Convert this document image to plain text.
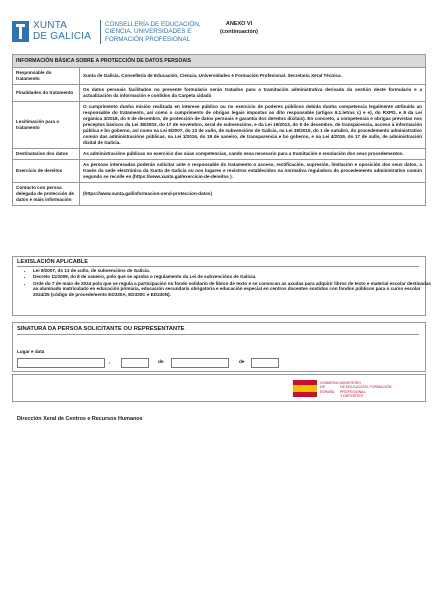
XUNTA
DE GALICIA
CONSELLERÍA DE EDUCACIÓN,
CIENCIA, UNIVERSIDADES E
FORMACIÓN PROFESIONAL
ANEXO VI
(continuación)
INFORMACIÓN BÁSICA SOBRE A PROTECCIÓN DE DATOS PERSOAIS	
Responsable do tratamento	Xunta de Galicia. Consellería de Educación, Ciencia, Universidades e Formación Profesional. Secretaría Xeral Técnica.
Finalidades do tratamento	Os datos persoais facilitados no presente formulario serán tratados para a tramitación administrativa derivada da xestión deste formulario e a actualización da información e contidos da Carpeta cidadá
Lexitimación para o tratamento	O cumprimento dunha misión realizada en interese público ou no exercicio de poderes públicos debida dunha competencia legalmente atribuída ao responsable do tratamento, así como o cumprimento de obrigas legais impostas ao dito responsable (artigos 6.1.letras c) e e), do RXPD, e 8 da Lei orgánica 3/2018, do 5 de decembro, de protección de datos persoais e garantía dos dereitos dixitais). En concreto, a competencia e obrigas previstas nos preceptos básicos da Lei 38/2003, do 17 de novembro, xeral de subvencións, e da Lei 19/2013, do 9 de decembro, de transparencia, acceso á información pública e bo goberno, así como na Lei 9/2007, do 13 de xuño, de subvencións de Galicia, na Lei 39/2015, do 1 de outubro, do procedemento administrativo común das administracións públicas, na Lei 1/2016, do 18 de xaneiro, de transparencia e bo goberno, e na Lei 4/2019, do 17 de xullo, de administración dixital de Galicia.
Destinatarios dos datos	As administracións públicas no exercicio das súas competencias, cando sexa necesario para a tramitación e resolución dos seus procedementos.
Exercicio de dereitos	As persoas interesadas poderán solicitar ante o responsable do tratamento o acceso, rectificación, supresión, limitación e oposición dos seus datos, a través da sede electrónica da Xunta de Galicia ou nos lugares e rexistros establecidos na normativa reguladora do procedemento administrativo común segundo se recolle en (https://www.xunta.gal/exercicio-de-dereitos ).
Contacto con persoa delegada de protección de datos e máis información	(https://www.xunta.gal/informacion-xeral-proteccion-datos)
LEXISLACIÓN APLICABLE
• Lei 9/2007, do 13 de xuño, de subvencións de Galicia.
• Decreto 11/2009, do 8 de xaneiro, polo que se aproba o regulamento da Lei de subvencións de Galicia.
• Orde do 7 de maio de 2024 pola que se regula a participación no fondo solidario de libros de texto e se convocan as axudas para adquirir libros de texto e material escolar destinadas ao alumnado matriculado en educación primaria, educación secundaria obrigatoria e educación especial en centros docentes sostidos con fondos públicos para o curso escolar 2024/25 (código de procedemento ED330A, ED330C e ED330N).
SINATURA DA PERSOA SOLICITANTE OU REPRESENTANTE
Lugar e data
,	de	de
GOBIERNO
DE ESPAÑA
MINISTERIO
DE EDUCACIÓN, FORMACIÓN PROFESIONAL
Y DEPORTES
Dirección Xeral de Centros e Recursos Humanos
